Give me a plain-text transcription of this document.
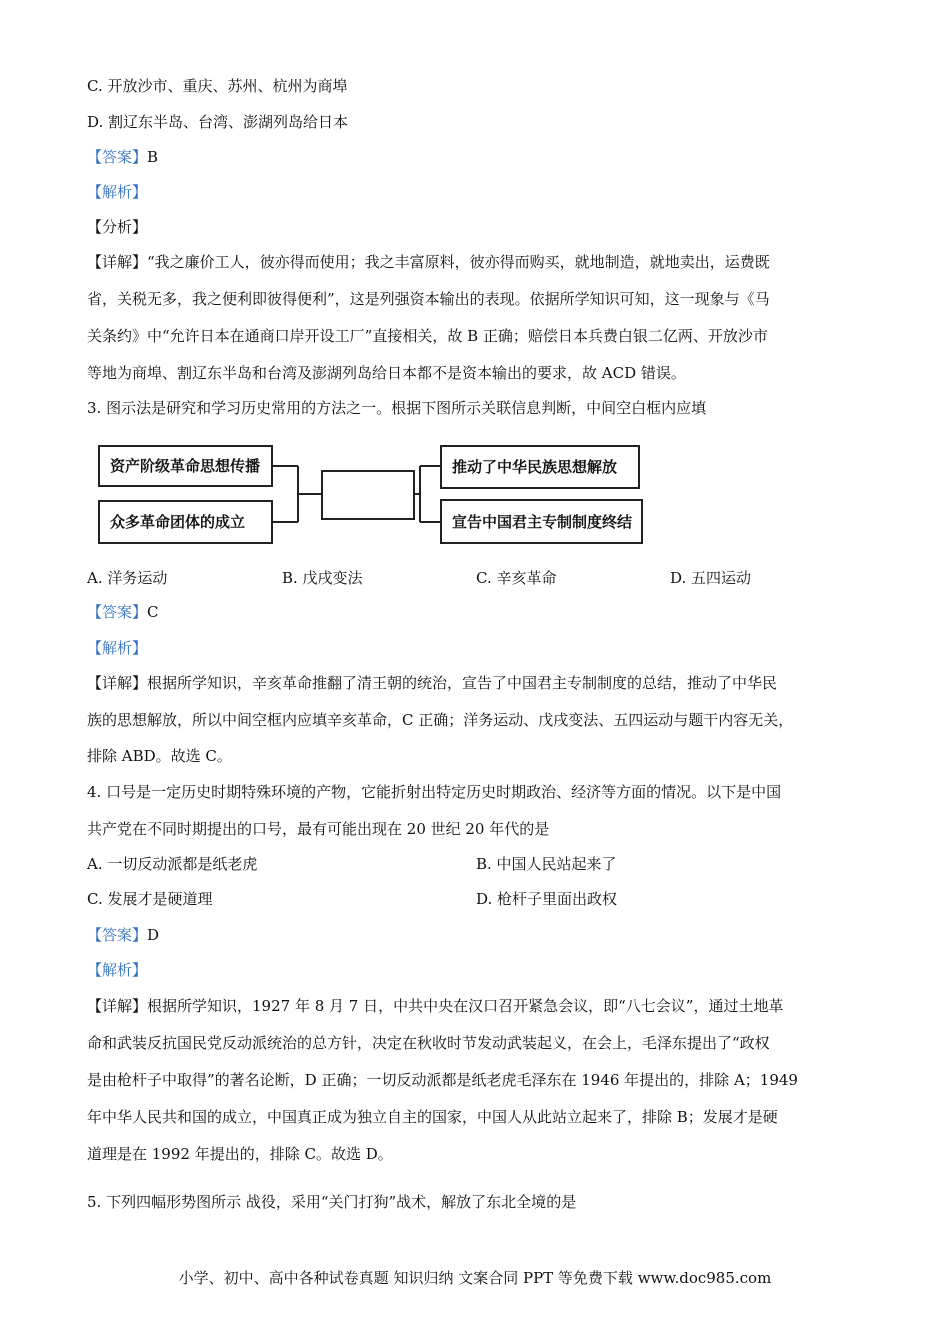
C. 开放沙市、重庆、苏州、杭州为商埠
D. 割辽东半岛、台湾、澎湖列岛给日本
【答案】B
【解析】
【分析】
【详解】“我之廉价工人，彼亦得而使用；我之丰富原料，彼亦得而购买，就地制造，就地卖出，运费既
省，关税无多，我之便利即彼得便利”，这是列强资本输出的表现。依据所学知识可知，这一现象与《马
关条约》中“允许日本在通商口岸开设工厂”直接相关，故 B 正确；赔偿日本兵费白银二亿两、开放沙市
等地为商埠、割辽东半岛和台湾及澎湖列岛给日本都不是资本输出的要求，故 ACD 错误。
3. 图示法是研究和学习历史常用的方法之一。根据下图所示关联信息判断，中间空白框内应填
资产阶级革命思想传播
众多革命团体的成立
推动了中华民族思想解放
宣告中国君主专制制度终结
A. 洋务运动	B. 戊戌变法	C. 辛亥革命	D. 五四运动
【答案】C
【解析】
【详解】根据所学知识，辛亥革命推翻了清王朝的统治，宣告了中国君主专制制度的总结，推动了中华民
族的思想解放，所以中间空框内应填辛亥革命，C 正确；洋务运动、戊戌变法、五四运动与题干内容无关，
排除 ABD。故选 C。
4. 口号是一定历史时期特殊环境的产物，它能折射出特定历史时期政治、经济等方面的情况。以下是中国
共产党在不同时期提出的口号，最有可能出现在 20 世纪 20 年代的是
A. 一切反动派都是纸老虎	B. 中国人民站起来了
C. 发展才是硬道理	D. 枪杆子里面出政权
【答案】D
【解析】
【详解】根据所学知识，1927 年 8 月 7 日，中共中央在汉口召开紧急会议，即“八七会议”，通过土地革
命和武装反抗国民党反动派统治的总方针，决定在秋收时节发动武装起义，在会上，毛泽东提出了“政权
是由枪杆子中取得”的著名论断，D 正确；一切反动派都是纸老虎毛泽东在 1946 年提出的，排除 A；1949
年中华人民共和国的成立，中国真正成为独立自主的国家，中国人从此站立起来了，排除 B；发展才是硬
道理是在 1992 年提出的，排除 C。故选 D。
5. 下列四幅形势图所示 战役，采用“关门打狗”战术，解放了东北全境的是
小学、初中、高中各种试卷真题 知识归纳 文案合同 PPT 等免费下载 www.doc985.com
